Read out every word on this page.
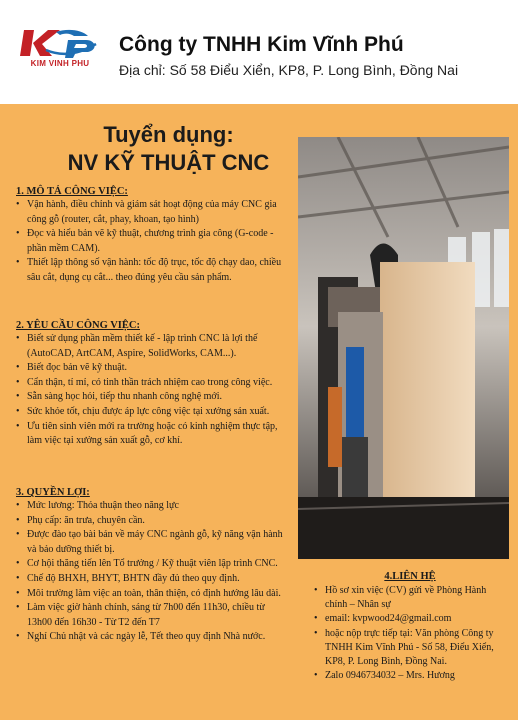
KIM VINH PHU
Công ty TNHH Kim Vĩnh Phú
Địa chỉ: Số 58 Điểu Xiển, KP8, P. Long Bình, Đồng Nai
Tuyển dụng:
NV KỸ THUẬT CNC
1. MÔ TẢ CÔNG VIỆC:
• Vận hành, điều chỉnh và giám sát hoạt động của máy CNC gia công gỗ (router, cắt, phay, khoan, tạo hình)
• Đọc và hiểu bản vẽ kỹ thuật, chương trình gia công (G-code - phần mềm CAM).
• Thiết lập thông số vận hành: tốc độ trục, tốc độ chạy dao, chiều sâu cắt, dụng cụ cắt... theo đúng yêu cầu sản phẩm.
2. YÊU CẦU CÔNG VIỆC:
• Biết sử dụng phần mềm thiết kế - lập trình CNC là lợi thế (AutoCAD, ArtCAM, Aspire, SolidWorks, CAM...).
• Biết đọc bản vẽ kỹ thuật.
• Cẩn thận, tỉ mỉ, có tinh thần trách nhiệm cao trong công việc.
• Sẵn sàng học hỏi, tiếp thu nhanh công nghệ mới.
• Sức khỏe tốt, chịu được áp lực công việc tại xưởng sản xuất.
• Ưu tiên sinh viên mới ra trường hoặc có kinh nghiệm thực tập, làm việc tại xưởng sản xuất gỗ, cơ khí.
3. QUYỀN LỢI:
• Mức lương: Thỏa thuận theo năng lực
• Phụ cấp: ăn trưa, chuyên cần.
• Được đào tạo bài bản về máy CNC ngành gỗ, kỹ năng vận hành và bảo dưỡng thiết bị.
• Cơ hội thăng tiến lên Tổ trưởng / Kỹ thuật viên lập trình CNC.
• Chế độ BHXH, BHYT, BHTN đầy đủ theo quy định.
• Môi trường làm việc an toàn, thân thiện, có định hướng lâu dài.
• Làm việc giờ hành chính, sáng từ 7h00 đến 11h30, chiều từ 13h00 đến 16h30 - Từ T2 đến T7
• Nghỉ Chủ nhật và các ngày lễ, Tết theo quy định Nhà nước.
4.LIÊN HỆ
• Hồ sơ xin việc (CV) gửi về Phòng Hành chính – Nhân sự
• email: kvpwood24@gmail.com
• hoặc nộp trực tiếp tại: Văn phòng Công ty TNHH Kim Vĩnh Phú - Số 58, Điểu Xiển, KP8, P. Long Bình, Đồng Nai.
• Zalo 0946734032 – Mrs. Hương
